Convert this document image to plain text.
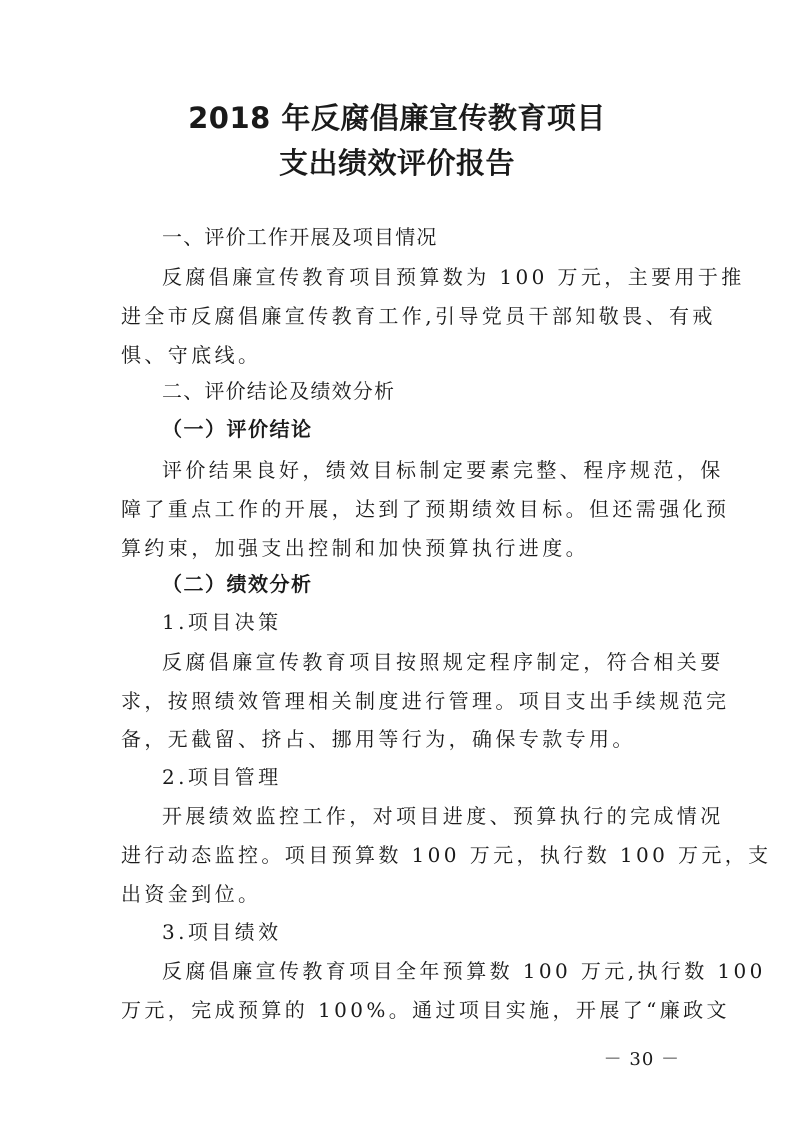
2018 年反腐倡廉宣传教育项目
支出绩效评价报告
一、评价工作开展及项目情况
反腐倡廉宣传教育项目预算数为 100 万元，主要用于推
进全市反腐倡廉宣传教育工作,引导党员干部知敬畏、有戒
惧、守底线。
二、评价结论及绩效分析
（一）评价结论
评价结果良好，绩效目标制定要素完整、程序规范，保
障了重点工作的开展，达到了预期绩效目标。但还需强化预
算约束，加强支出控制和加快预算执行进度。
（二）绩效分析
1.项目决策
反腐倡廉宣传教育项目按照规定程序制定，符合相关要
求，按照绩效管理相关制度进行管理。项目支出手续规范完
备，无截留、挤占、挪用等行为，确保专款专用。
2.项目管理
开展绩效监控工作，对项目进度、预算执行的完成情况
进行动态监控。项目预算数 100 万元，执行数 100 万元，支
出资金到位。
3.项目绩效
反腐倡廉宣传教育项目全年预算数 100 万元,执行数 100
万元，完成预算的 100%。通过项目实施，开展了“廉政文
－ 30 －
